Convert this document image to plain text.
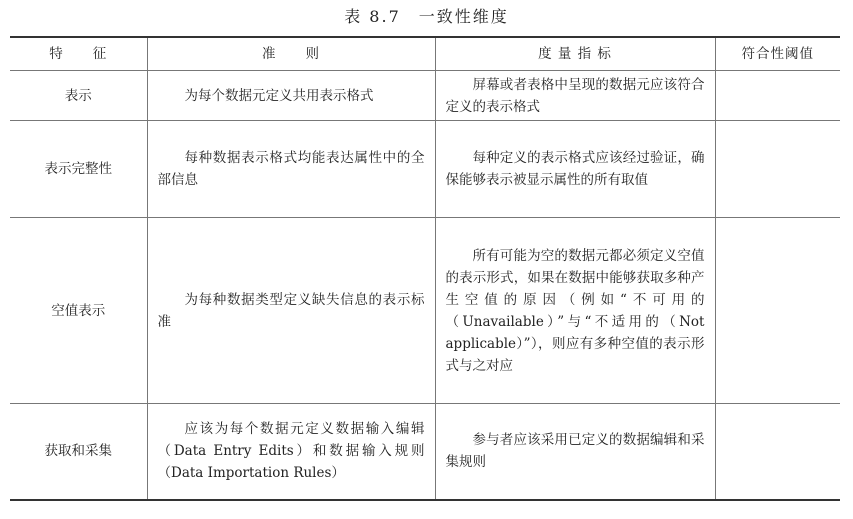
表 8.7　一致性维度
特　　征	准　　则	度 量 指 标	符合性阈值
表示	为每个数据元定义共用表示格式	屏幕或者表格中呈现的数据元应该符合定义的表示格式	
表示完整性	每种数据表示格式均能表达属性中的全部信息	每种定义的表示格式应该经过验证，确保能够表示被显示属性的所有取值	
空值表示	为每种数据类型定义缺失信息的表示标准	所有可能为空的数据元都必须定义空值的表示形式，如果在数据中能够获取多种产生空值的原因（例如“不可用的（Unavailable）”与“不适用的（Not applicable）”），则应有多种空值的表示形式与之对应	
获取和采集	应该为每个数据元定义数据输入编辑（Data Entry Edits）和数据输入规则（Data Importation Rules）	参与者应该采用已定义的数据编辑和采集规则	
